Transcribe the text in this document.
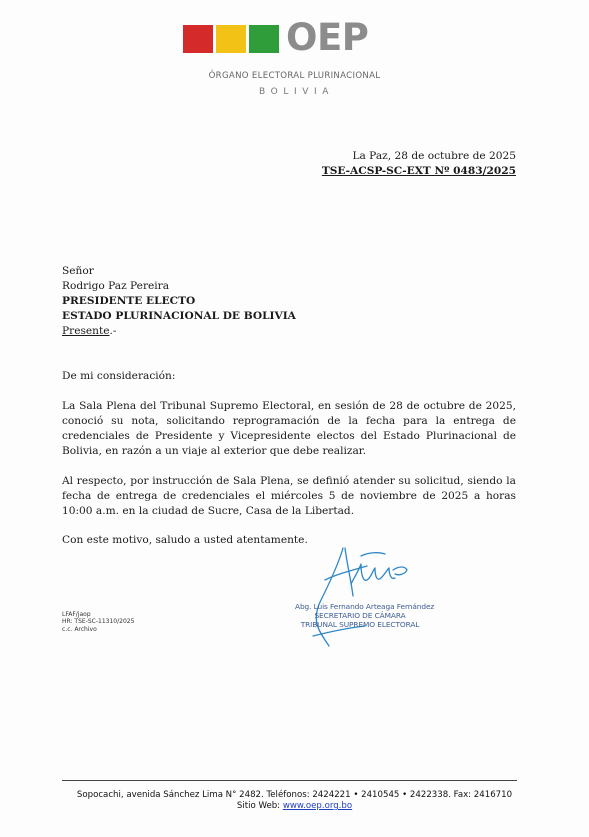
OEP
ÓRGANO ELECTORAL PLURINACIONAL
BOLIVIA
La Paz, 28 de octubre de 2025
TSE-ACSP-SC-EXT Nº 0483/2025
Señor
Rodrigo Paz Pereira
PRESIDENTE ELECTO
ESTADO PLURINACIONAL DE BOLIVIA
Presente.-
De mi consideración:
La Sala Plena del Tribunal Supremo Electoral, en sesión de 28 de octubre de 2025, conoció su nota, solicitando reprogramación de la fecha para la entrega de credenciales de Presidente y Vicepresidente electos del Estado Plurinacional de Bolivia, en razón a un viaje al exterior que debe realizar.
Al respecto, por instrucción de Sala Plena, se definió atender su solicitud, siendo la fecha de entrega de credenciales el miércoles 5 de noviembre de 2025 a horas 10:00 a.m. en la ciudad de Sucre, Casa de la Libertad.
Con este motivo, saludo a usted atentamente.
Abg. Luis Fernando Arteaga Fernández
SECRETARIO DE CÁMARA
TRIBUNAL SUPREMO ELECTORAL
LFAF/jaop
HR: TSE-SC-11310/2025
c.c. Archivo
Sopocachi, avenida Sánchez Lima N° 2482. Teléfonos: 2424221 • 2410545 • 2422338. Fax: 2416710
Sitio Web: www.oep.org.bo
